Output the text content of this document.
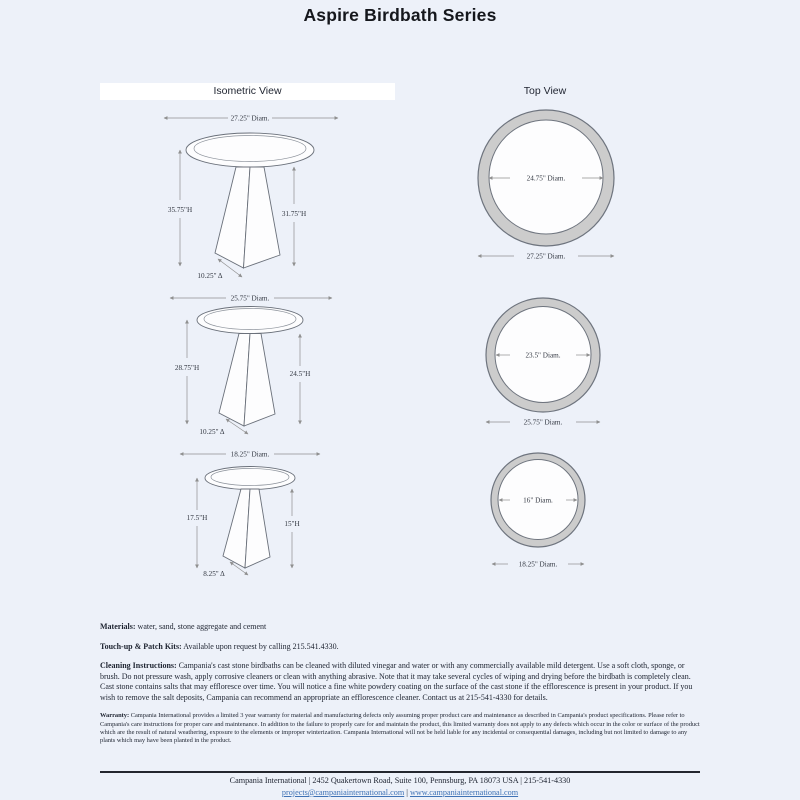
Aspire Birdbath Series
Isometric View	Top View
27.25" Diam.
35.75"H	31.75"H
10.25" Δ
25.75" Diam.
28.75"H
24.5"H
10.25" Δ
18.25" Diam.
17.5"H
15"H
8.25" Δ
24.75" Diam.
27.25" Diam.
23.5" Diam.
25.75" Diam.
16" Diam.
18.25" Diam.

Materials: water, sand, stone aggregate and cement

Touch-up & Patch Kits: Available upon request by calling 215.541.4330.

Cleaning Instructions: Campania's cast stone birdbaths can be cleaned with diluted vinegar and water or with any commercially available mild detergent. Use a soft cloth, sponge, or brush. Do not pressure wash, apply corrosive cleaners or clean with anything abrasive. Note that it may take several cycles of wiping and drying before the birdbath is completely clean. Cast stone contains salts that may effloresce over time. You will notice a fine white powdery coating on the surface of the cast stone if the efflorescence is present in your product. If you wish to remove the salt deposits, Campania can recommend an appropriate an efflorescence cleaner. Contact us at 215-541-4330 for details.

Warranty: Campania International provides a limited 3 year warranty for material and manufacturing defects only assuming proper product care and maintenance as described in Campania's product specifications. Please refer to Campania's care instructions for proper care and maintenance. In addition to the failure to properly care for and maintain the product, this limited warranty does not apply to any defects which occur in the color or surface of the product which are the result of natural weathering, exposure to the elements or improper winterization. Campania International will not be held liable for any incidental or consequential damages, including but not limited to damage to any plants which may have been planted in the product.

Campania International | 2452 Quakertown Road, Suite 100, Pennsburg, PA 18073 USA | 215-541-4330
projects@campaniainternational.com | www.campaniainternational.com
